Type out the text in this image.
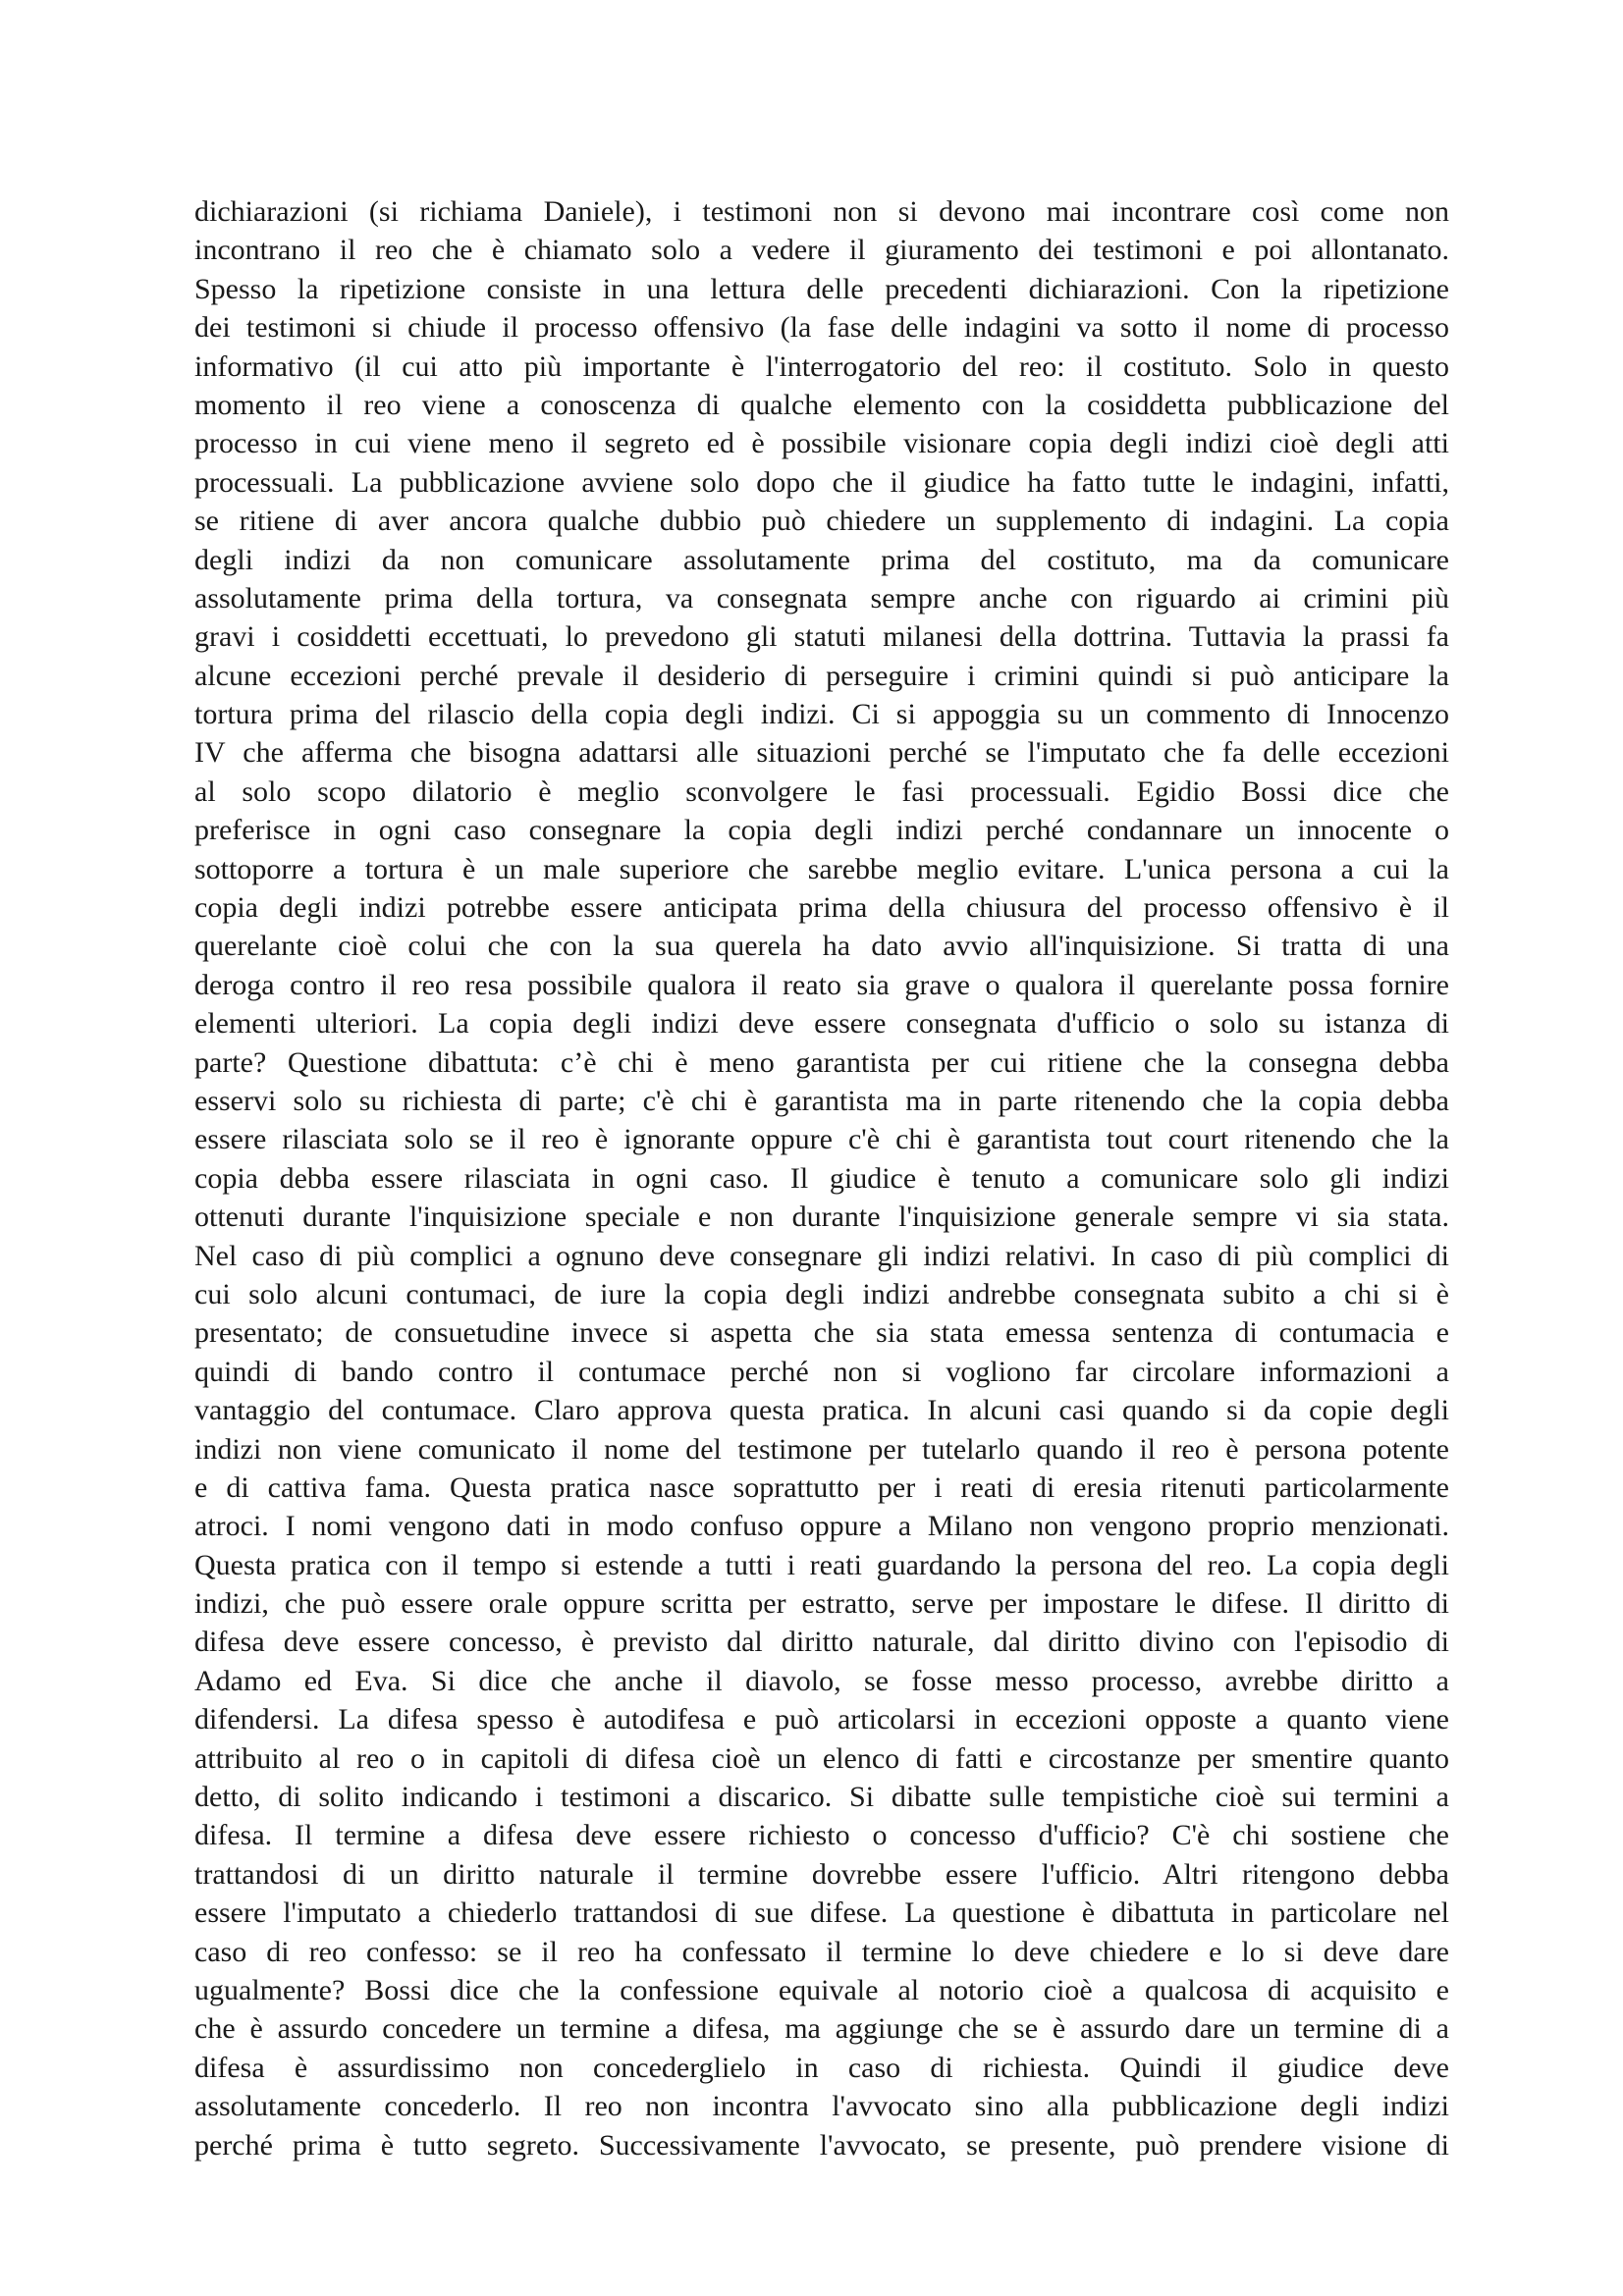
dichiarazioni (si richiama Daniele), i testimoni non si devono mai incontrare così come non
incontrano il reo che è chiamato solo a vedere il giuramento dei testimoni e poi allontanato.
Spesso la ripetizione consiste in una lettura delle precedenti dichiarazioni. Con la ripetizione
dei testimoni si chiude il processo offensivo (la fase delle indagini va sotto il nome di processo
informativo (il cui atto più importante è l'interrogatorio del reo: il costituto. Solo in questo
momento il reo viene a conoscenza di qualche elemento con la cosiddetta pubblicazione del
processo in cui viene meno il segreto ed è possibile visionare copia degli indizi cioè degli atti
processuali. La pubblicazione avviene solo dopo che il giudice ha fatto tutte le indagini, infatti,
se ritiene di aver ancora qualche dubbio può chiedere un supplemento di indagini. La copia
degli indizi da non comunicare assolutamente prima del costituto, ma da comunicare
assolutamente prima della tortura, va consegnata sempre anche con riguardo ai crimini più
gravi i cosiddetti eccettuati, lo prevedono gli statuti milanesi della dottrina. Tuttavia la prassi fa
alcune eccezioni perché prevale il desiderio di perseguire i crimini quindi si può anticipare la
tortura prima del rilascio della copia degli indizi. Ci si appoggia su un commento di Innocenzo
IV che afferma che bisogna adattarsi alle situazioni perché se l'imputato che fa delle eccezioni
al solo scopo dilatorio è meglio sconvolgere le fasi processuali. Egidio Bossi dice che
preferisce in ogni caso consegnare la copia degli indizi perché condannare un innocente o
sottoporre a tortura è un male superiore che sarebbe meglio evitare. L'unica persona a cui la
copia degli indizi potrebbe essere anticipata prima della chiusura del processo offensivo è il
querelante cioè colui che con la sua querela ha dato avvio all'inquisizione. Si tratta di una
deroga contro il reo resa possibile qualora il reato sia grave o qualora il querelante possa fornire
elementi ulteriori. La copia degli indizi deve essere consegnata d'ufficio o solo su istanza di
parte? Questione dibattuta: c’è chi è meno garantista per cui ritiene che la consegna debba
esservi solo su richiesta di parte; c'è chi è garantista ma in parte ritenendo che la copia debba
essere rilasciata solo se il reo è ignorante oppure c'è chi è garantista tout court ritenendo che la
copia debba essere rilasciata in ogni caso. Il giudice è tenuto a comunicare solo gli indizi
ottenuti durante l'inquisizione speciale e non durante l'inquisizione generale sempre vi sia stata.
Nel caso di più complici a ognuno deve consegnare gli indizi relativi. In caso di più complici di
cui solo alcuni contumaci, de iure la copia degli indizi andrebbe consegnata subito a chi si è
presentato; de consuetudine invece si aspetta che sia stata emessa sentenza di contumacia e
quindi di bando contro il contumace perché non si vogliono far circolare informazioni a
vantaggio del contumace. Claro approva questa pratica. In alcuni casi quando si da copie degli
indizi non viene comunicato il nome del testimone per tutelarlo quando il reo è persona potente
e di cattiva fama. Questa pratica nasce soprattutto per i reati di eresia ritenuti particolarmente
atroci. I nomi vengono dati in modo confuso oppure a Milano non vengono proprio menzionati.
Questa pratica con il tempo si estende a tutti i reati guardando la persona del reo. La copia degli
indizi, che può essere orale oppure scritta per estratto, serve per impostare le difese. Il diritto di
difesa deve essere concesso, è previsto dal diritto naturale, dal diritto divino con l'episodio di
Adamo ed Eva. Si dice che anche il diavolo, se fosse messo processo, avrebbe diritto a
difendersi. La difesa spesso è autodifesa e può articolarsi in eccezioni opposte a quanto viene
attribuito al reo o in capitoli di difesa cioè un elenco di fatti e circostanze per smentire quanto
detto, di solito indicando i testimoni a discarico. Si dibatte sulle tempistiche cioè sui termini a
difesa. Il termine a difesa deve essere richiesto o concesso d'ufficio? C'è chi sostiene che
trattandosi di un diritto naturale il termine dovrebbe essere l'ufficio. Altri ritengono debba
essere l'imputato a chiederlo trattandosi di sue difese. La questione è dibattuta in particolare nel
caso di reo confesso: se il reo ha confessato il termine lo deve chiedere e lo si deve dare
ugualmente? Bossi dice che la confessione equivale al notorio cioè a qualcosa di acquisito e
che è assurdo concedere un termine a difesa, ma aggiunge che se è assurdo dare un termine di a
difesa è assurdissimo non concederglielo in caso di richiesta. Quindi il giudice deve
assolutamente concederlo. Il reo non incontra l'avvocato sino alla pubblicazione degli indizi
perché prima è tutto segreto. Successivamente l'avvocato, se presente, può prendere visione di
